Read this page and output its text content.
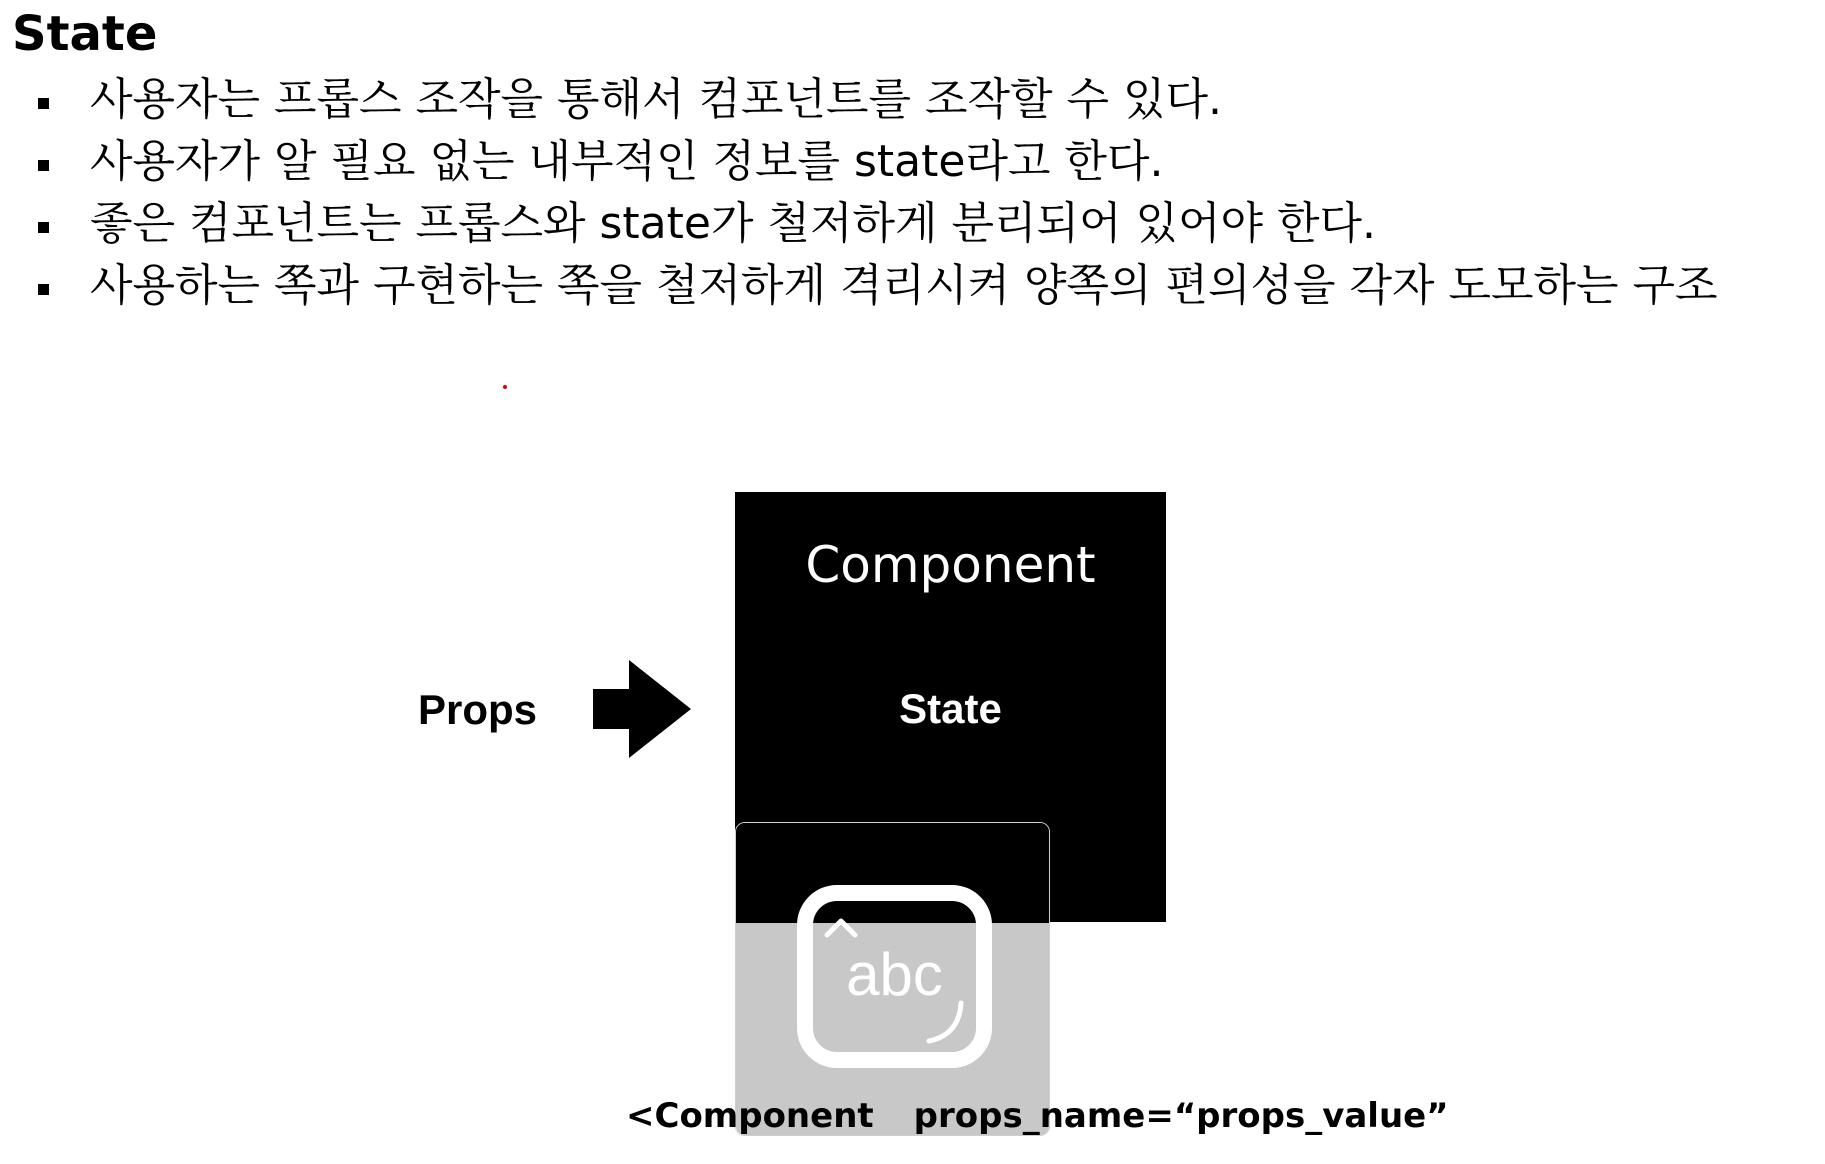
State
사용자는 프롭스 조작을 통해서 컴포넌트를 조작할 수 있다.
사용자가 알 필요 없는 내부적인 정보를 state라고 한다.
좋은 컴포넌트는 프롭스와 state가 철저하게 분리되어 있어야 한다.
사용하는 쪽과 구현하는 쪽을 철저하게 격리시켜 양쪽의 편의성을 각자 도모하는 구조
Props
Component
State
abc
<Component props_name=“props_value”
